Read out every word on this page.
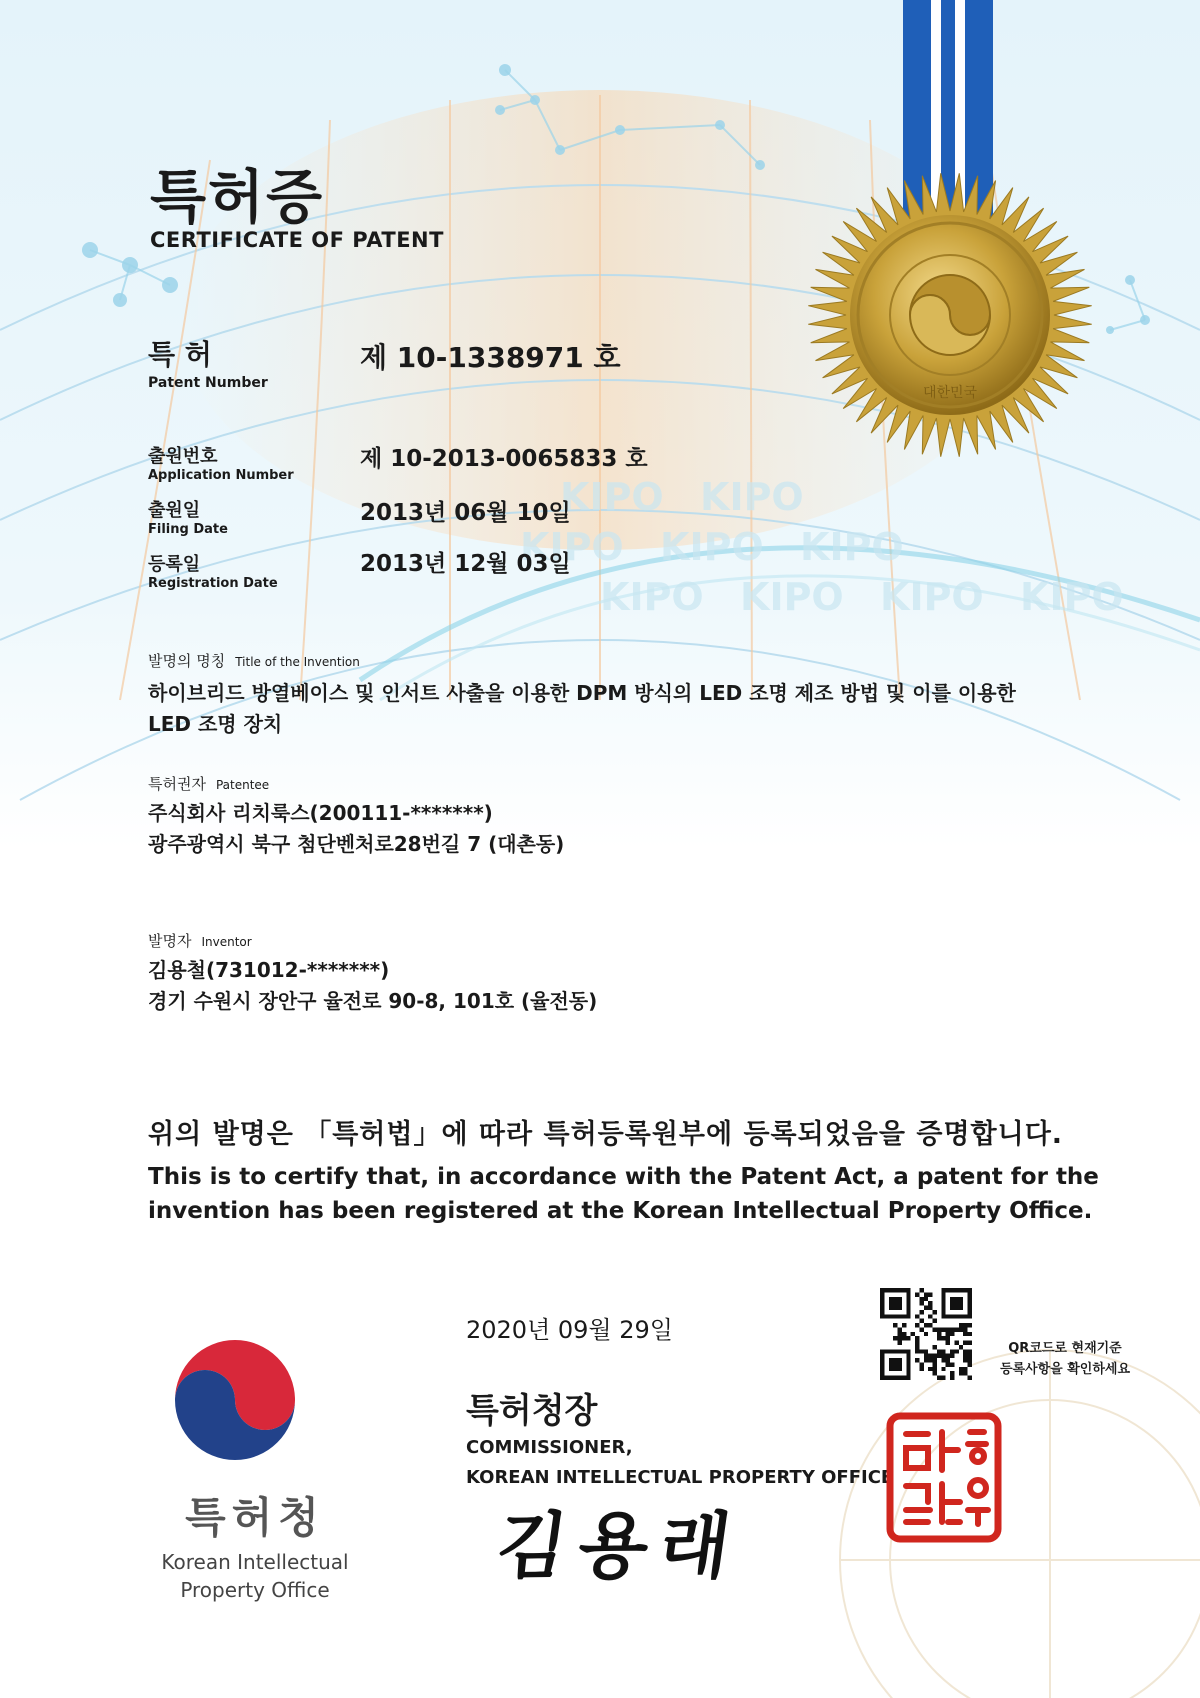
KIPO KIPO
KIPO KIPO KIPO
KIPO KIPO KIPO KIPO
대한민국
특허증
CERTIFICATE OF PATENT
특 허
Patent Number
제 10-1338971 호
출원번호
Application Number
제 10-2013-0065833 호
출원일
Filing Date
2013년 06월 10일
등록일
Registration Date
2013년 12월 03일
발명의 명칭 Title of the Invention
하이브리드 방열베이스 및 인서트 사출을 이용한 DPM 방식의 LED 조명 제조 방법 및 이를 이용한
LED 조명 장치
특허권자 Patentee
주식회사 리치룩스(200111-*******)
광주광역시 북구 첨단벤처로28번길 7 (대촌동)
발명자 Inventor
김용철(731012-*******)
경기 수원시 장안구 율전로 90-8, 101호 (율전동)
위의 발명은 「특허법」에 따라 특허등록원부에 등록되었음을 증명합니다.
This is to certify that, in accordance with the Patent Act, a patent for the
invention has been registered at the Korean Intellectual Property Office.
2020년 09월 29일
QR코드로 현재기준
등록사항을 확인하세요
특허청장
COMMISSIONER,
KOREAN INTELLECTUAL PROPERTY OFFICE
김용래
특허청
Korean Intellectual
Property Office
